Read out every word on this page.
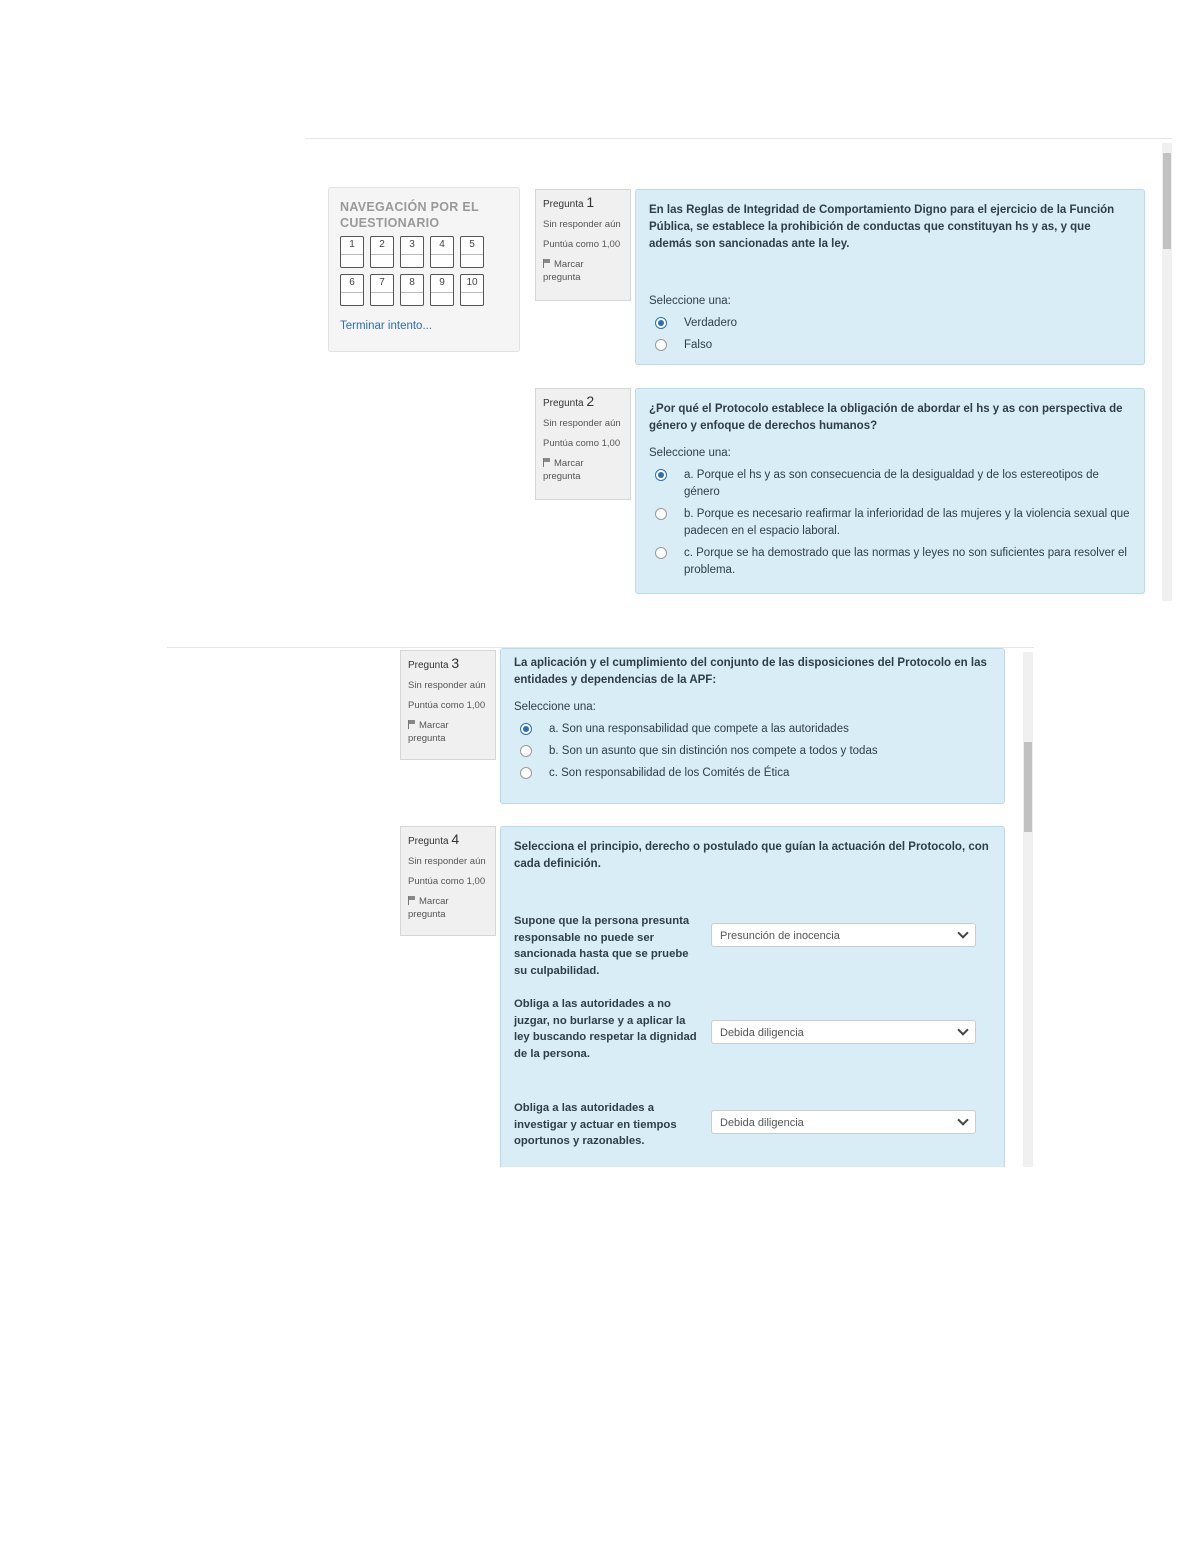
NAVEGACIÓN POR EL CUESTIONARIO
1	2	3	4	5
6	7	8	9	10
Terminar intento...
Pregunta 1
Sin responder aún
Puntúa como 1,00
Marcar pregunta
En las Reglas de Integridad de Comportamiento Digno para el ejercicio de la Función Pública, se establece la prohibición de conductas que constituyan hs y as, y que además son sancionadas ante la ley.
Seleccione una:
Verdadero
Falso
Pregunta 2
Sin responder aún
Puntúa como 1,00
Marcar pregunta
¿Por qué el Protocolo establece la obligación de abordar el hs y as con perspectiva de género y enfoque de derechos humanos?
Seleccione una:
a. Porque el hs y as son consecuencia de la desigualdad y de los estereotipos de género
b. Porque es necesario reafirmar la inferioridad de las mujeres y la violencia sexual que padecen en el espacio laboral.
c. Porque se ha demostrado que las normas y leyes no son suficientes para resolver el problema.
Pregunta 3
Sin responder aún
Puntúa como 1,00
Marcar pregunta
La aplicación y el cumplimiento del conjunto de las disposiciones del Protocolo en las entidades y dependencias de la APF:
Seleccione una:
a. Son una responsabilidad que compete a las autoridades
b. Son un asunto que sin distinción nos compete a todos y todas
c. Son responsabilidad de los Comités de Ética
Pregunta 4
Sin responder aún
Puntúa como 1,00
Marcar pregunta
Selecciona el principio, derecho o postulado que guían la actuación del Protocolo, con cada definición.
Supone que la persona presunta responsable no puede ser sancionada hasta que se pruebe su culpabilidad.
Presunción de inocencia
Obliga a las autoridades a no juzgar, no burlarse y a aplicar la ley buscando respetar la dignidad de la persona.
Debida diligencia
Obliga a las autoridades a investigar y actuar en tiempos oportunos y razonables.
Debida diligencia
